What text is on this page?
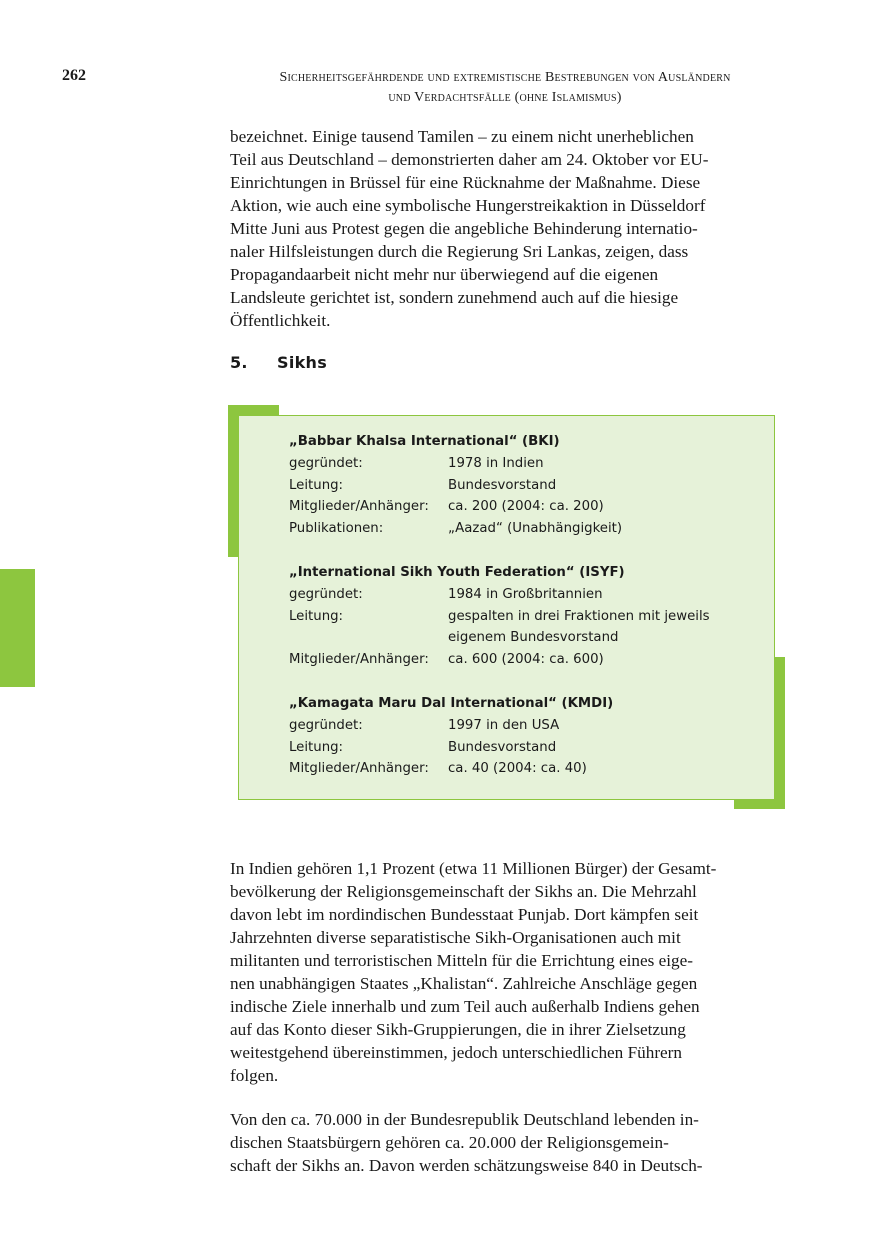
262	Sicherheitsgefährdende und extremistische Bestrebungen von Ausländern
und Verdachtsfälle (ohne Islamismus)
bezeichnet. Einige tausend Tamilen – zu einem nicht unerheblichen
Teil aus Deutschland – demonstrierten daher am 24. Oktober vor EU-
Einrichtungen in Brüssel für eine Rücknahme der Maßnahme. Diese
Aktion, wie auch eine symbolische Hungerstreikaktion in Düsseldorf
Mitte Juni aus Protest gegen die angebliche Behinderung internatio-
naler Hilfsleistungen durch die Regierung Sri Lankas, zeigen, dass
Propagandaarbeit nicht mehr nur überwiegend auf die eigenen
Landsleute gerichtet ist, sondern zunehmend auch auf die hiesige
Öffentlichkeit.
5. Sikhs
„Babbar Khalsa International“ (BKI)
gegründet:	1978 in Indien
Leitung:	Bundesvorstand
Mitglieder/Anhänger: ca. 200 (2004: ca. 200)
Publikationen:	„Aazad“ (Unabhängigkeit)
„International Sikh Youth Federation“ (ISYF)
gegründet:	1984 in Großbritannien
Leitung:	gespalten in drei Fraktionen mit jeweils
eigenem Bundesvorstand
Mitglieder/Anhänger: ca. 600 (2004: ca. 600)
„Kamagata Maru Dal International“ (KMDI)
gegründet:	1997 in den USA
Leitung:	Bundesvorstand
Mitglieder/Anhänger: ca. 40 (2004: ca. 40)
In Indien gehören 1,1 Prozent (etwa 11 Millionen Bürger) der Gesamt-
bevölkerung der Religionsgemeinschaft der Sikhs an. Die Mehrzahl
davon lebt im nordindischen Bundesstaat Punjab. Dort kämpfen seit
Jahrzehnten diverse separatistische Sikh-Organisationen auch mit
militanten und terroristischen Mitteln für die Errichtung eines eige-
nen unabhängigen Staates „Khalistan“. Zahlreiche Anschläge gegen
indische Ziele innerhalb und zum Teil auch außerhalb Indiens gehen
auf das Konto dieser Sikh-Gruppierungen, die in ihrer Zielsetzung
weitestgehend übereinstimmen, jedoch unterschiedlichen Führern
folgen.
Von den ca. 70.000 in der Bundesrepublik Deutschland lebenden in-
dischen Staatsbürgern gehören ca. 20.000 der Religionsgemein-
schaft der Sikhs an. Davon werden schätzungsweise 840 in Deutsch-
